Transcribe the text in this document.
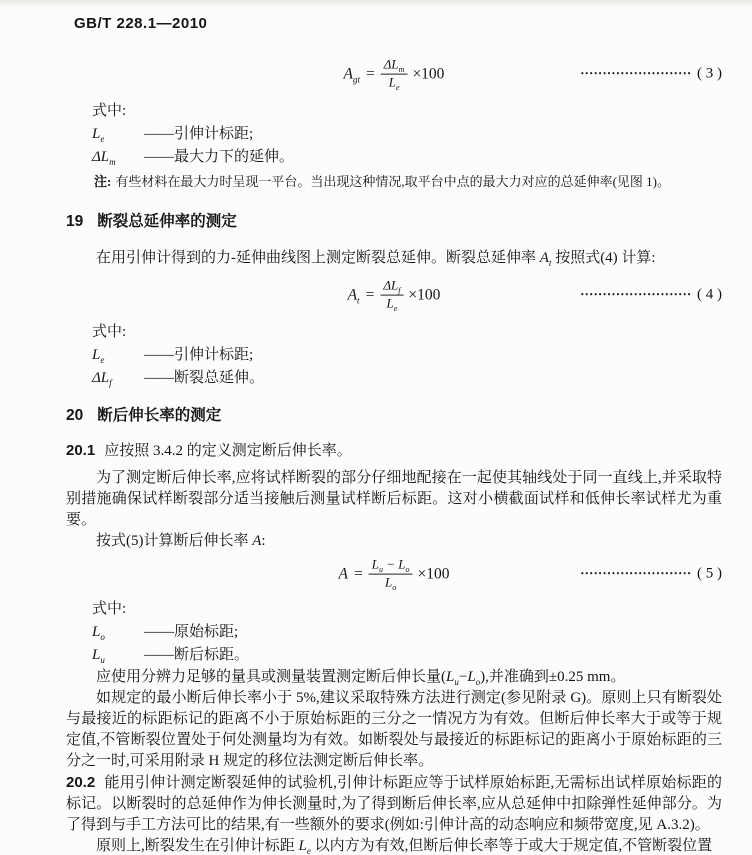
GB/T 228.1—2010
$A_{gt} = \frac{\Delta L_m}{L_e} \times 100$	••••••••••••••••••••••••• ( 3 )
式中:
$L_e$	——引伸计标距;
$\Delta L_m$	——最大力下的延伸。
注: 有些材料在最大力时呈现一平台。当出现这种情况,取平台中点的最大力对应的总延伸率(见图 1)。
19 断裂总延伸率的测定

在用引伸计得到的力-延伸曲线图上测定断裂总延伸。断裂总延伸率 $A_t$ 按照式(4) 计算:

$A_t = \frac{\Delta L_f}{L_e} \times 100$	••••••••••••••••••••••••• ( 4 )
式中:
$L_e$	——引伸计标距;
$\Delta L_f$	——断裂总延伸。
20 断后伸长率的测定

20.1 应按照 3.4.2 的定义测定断后伸长率。

为了测定断后伸长率,应将试样断裂的部分仔细地配接在一起使其轴线处于同一直线上,并采取特别措施确保试样断裂部分适当接触后测量试样断后标距。这对小横截面试样和低伸长率试样尤为重要。

按式(5)计算断后伸长率 A:

$A = \frac{L_u - L_o}{L_o} \times 100$	••••••••••••••••••••••••• ( 5 )
式中:
$L_o$	——原始标距;
$L_u$	——断后标距。

应使用分辨力足够的量具或测量装置测定断后伸长量$(L_u-L_o)$,并准确到±0.25 mm。

如规定的最小断后伸长率小于 5%,建议采取特殊方法进行测定(参见附录 G)。原则上只有断裂处与最接近的标距标记的距离不小于原始标距的三分之一情况方为有效。但断后伸长率大于或等于规定值,不管断裂位置处于何处测量均为有效。如断裂处与最接近的标距标记的距离小于原始标距的三分之一时,可采用附录 H 规定的移位法测定断后伸长率。

20.2 能用引伸计测定断裂延伸的试验机,引伸计标距应等于试样原始标距,无需标出试样原始标距的标记。以断裂时的总延伸作为伸长测量时,为了得到断后伸长率,应从总延伸中扣除弹性延伸部分。为了得到与手工方法可比的结果,有一些额外的要求(例如:引伸计高的动态响应和频带宽度,见 A.3.2)。

原则上,断裂发生在引伸计标距 $L_e$ 以内方为有效,但断后伸长率等于或大于规定值,不管断裂位置
